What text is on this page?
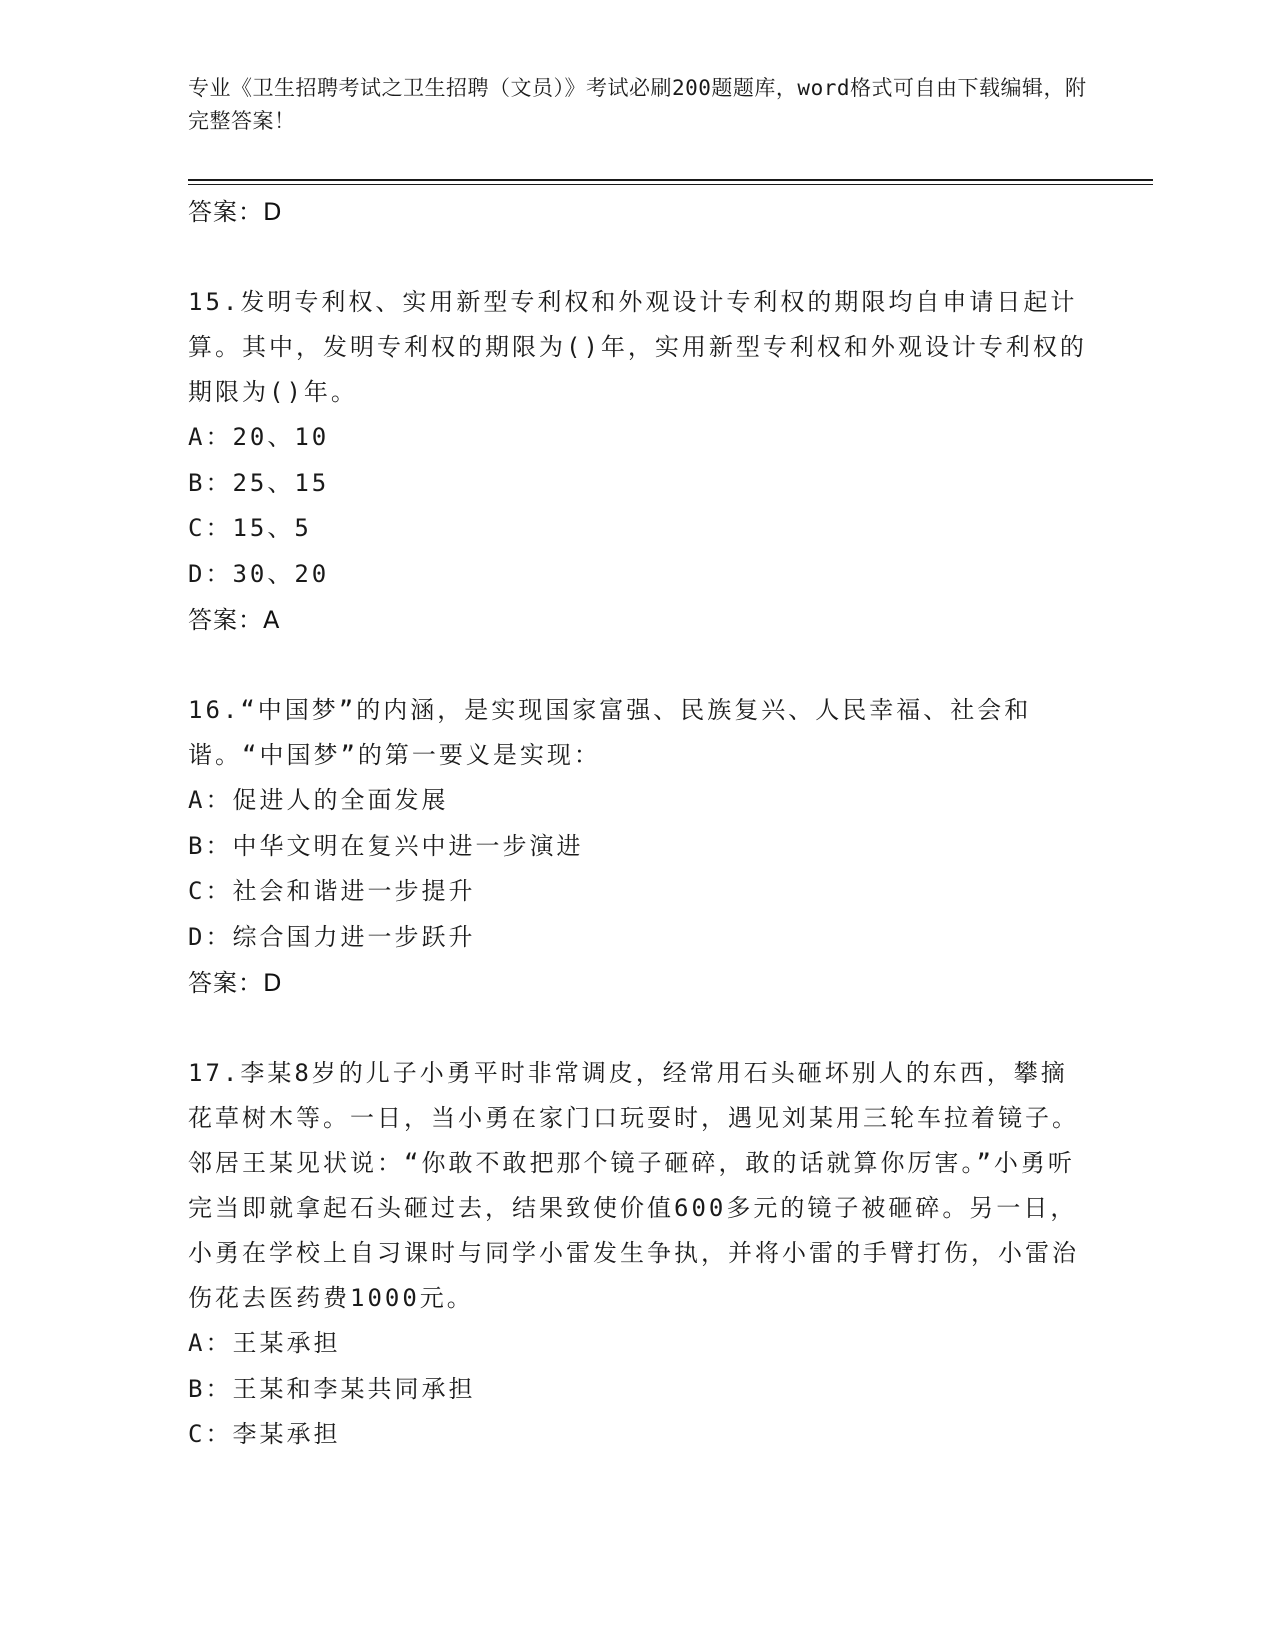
专业《卫生招聘考试之卫生招聘（文员）》考试必刷200题题库，word格式可自由下载编辑，附完整答案！
答案：D
15.发明专利权、实用新型专利权和外观设计专利权的期限均自申请日起计算。其中，发明专利权的期限为()年，实用新型专利权和外观设计专利权的期限为()年。
A：20、10
B：25、15
C：15、5
D：30、20
答案：A
16.“中国梦”的内涵，是实现国家富强、民族复兴、人民幸福、社会和谐。“中国梦”的第一要义是实现：
A：促进人的全面发展
B：中华文明在复兴中进一步演进
C：社会和谐进一步提升
D：综合国力进一步跃升
答案：D
17.李某8岁的儿子小勇平时非常调皮，经常用石头砸坏别人的东西，攀摘花草树木等。一日，当小勇在家门口玩耍时，遇见刘某用三轮车拉着镜子。邻居王某见状说：“你敢不敢把那个镜子砸碎，敢的话就算你厉害。”小勇听完当即就拿起石头砸过去，结果致使价值600多元的镜子被砸碎。另一日，小勇在学校上自习课时与同学小雷发生争执，并将小雷的手臂打伤，小雷治伤花去医药费1000元。
A：王某承担
B：王某和李某共同承担
C：李某承担
